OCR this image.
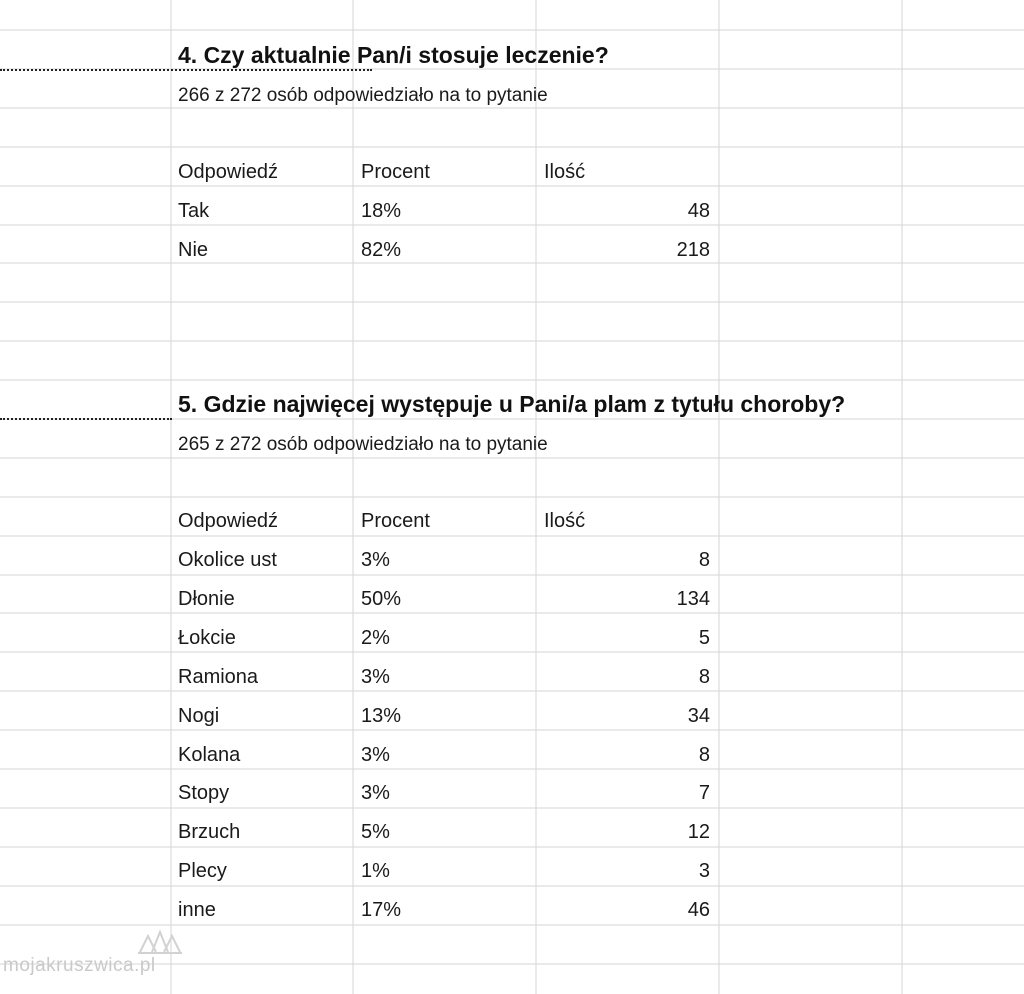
4. Czy aktualnie Pan/i stosuje leczenie?
266 z 272 osób odpowiedziało na to pytanie
Odpowiedź	Procent	Ilość
Tak	18%	48
Nie	82%	218
5. Gdzie najwięcej występuje u Pani/a plam z tytułu choroby?
265 z 272 osób odpowiedziało na to pytanie
Odpowiedź	Procent	Ilość
Okolice ust	3%	8
Dłonie	50%	134
Łokcie	2%	5
Ramiona	3%	8
Nogi	13%	34
Kolana	3%	8
Stopy	3%	7
Brzuch	5%	12
Plecy	1%	3
inne	17%	46
mojakruszwica.pl
